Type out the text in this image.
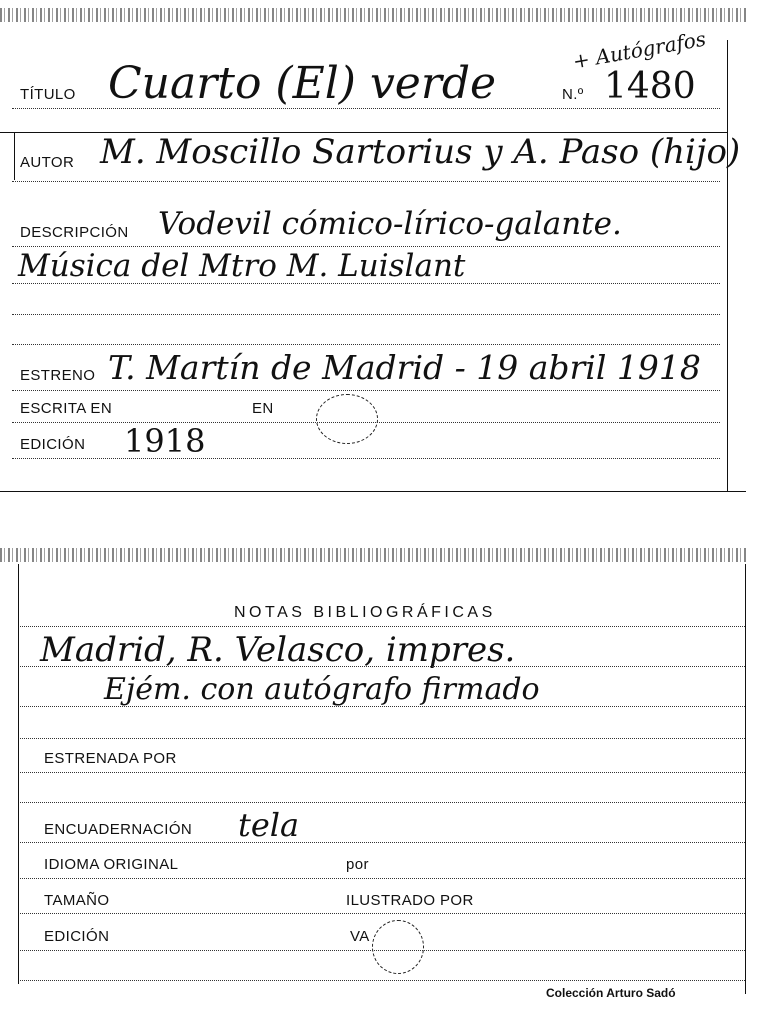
+ Autógrafos
TÍTULO Cuarto (El) verde	N.º 1480
AUTOR M. Moscillo Sartorius y A. Paso (hijo)
DESCRIPCIÓN Vodevil cómico-lírico-galante.
Música del Mtro M. Luislant
ESTRENO T. Martín de Madrid - 19 abril 1918
ESCRITA EN	EN
EDICIÓN 1918
NOTAS BIBLIOGRÁFICAS
Madrid, R. Velasco, impres.
Ejém. con autógrafo firmado
ESTRENADA POR
ENCUADERNACIÓN tela
IDIOMA ORIGINAL	por
TAMAÑO	ILUSTRADO POR
EDICIÓN	VA
Colección Arturo Sadó
